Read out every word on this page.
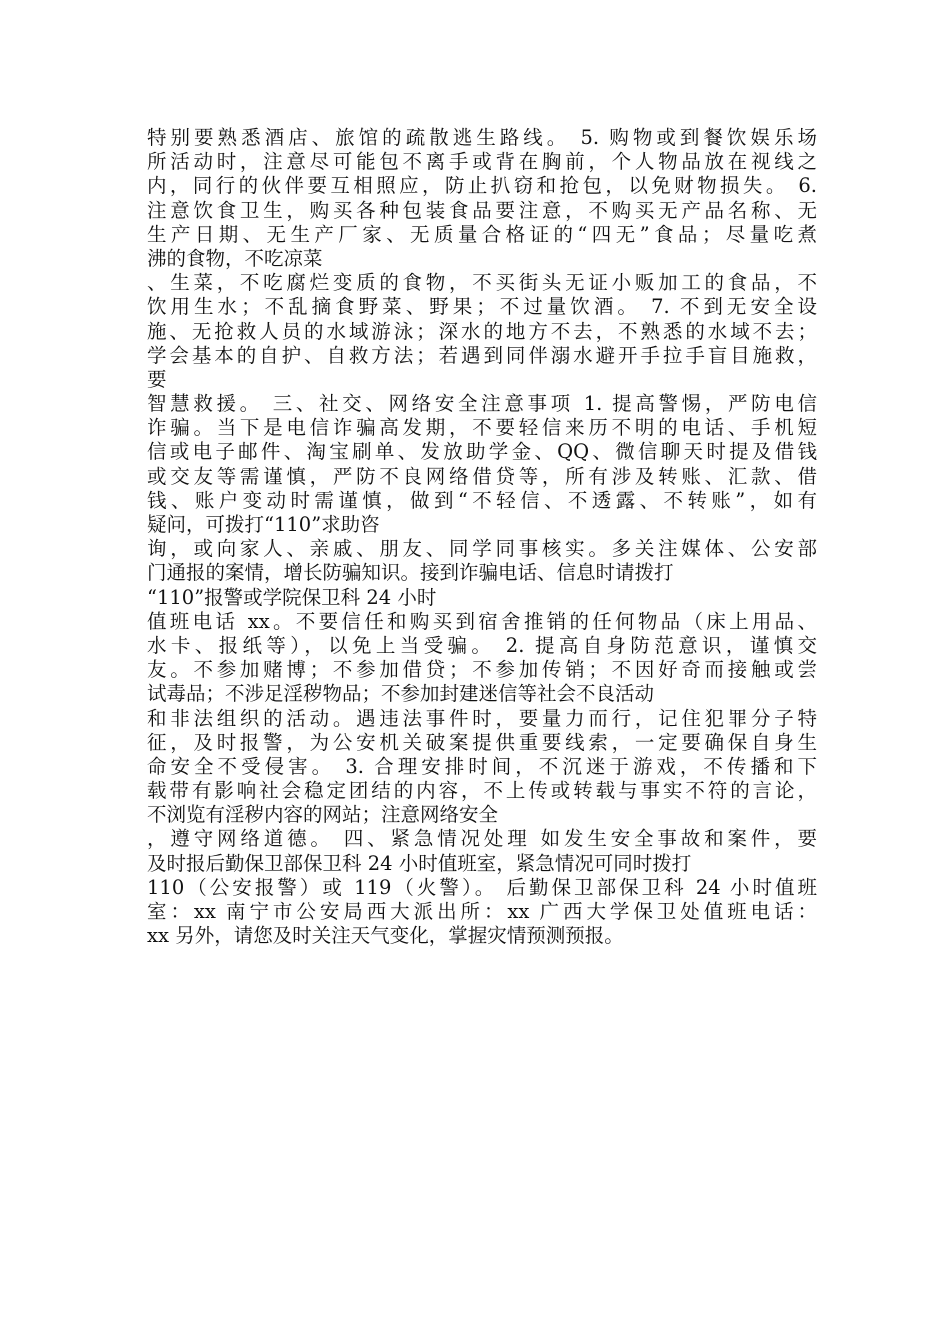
特别要熟悉酒店、旅馆的疏散逃生路线。 5. 购物或到餐饮娱乐场
所活动时，注意尽可能包不离手或背在胸前，个人物品放在视线之
内，同行的伙伴要互相照应，防止扒窃和抢包，以免财物损失。 6.
注意饮食卫生，购买各种包装食品要注意，不购买无产品名称、无
生产日期、无生产厂家、无质量合格证的“四无”食品；尽量吃煮
沸的食物，不吃凉菜
、生菜，不吃腐烂变质的食物，不买街头无证小贩加工的食品，不
饮用生水；不乱摘食野菜、野果；不过量饮酒。 7. 不到无安全设
施、无抢救人员的水域游泳；深水的地方不去，不熟悉的水域不去；
学会基本的自护、自救方法；若遇到同伴溺水避开手拉手盲目施救，
要
智慧救援。 三、社交、网络安全注意事项 1. 提高警惕，严防电信
诈骗。当下是电信诈骗高发期，不要轻信来历不明的电话、手机短
信或电子邮件、淘宝刷单、发放助学金、QQ、微信聊天时提及借钱
或交友等需谨慎，严防不良网络借贷等，所有涉及转账、汇款、借
钱、账户变动时需谨慎，做到“不轻信、不透露、不转账”，如有
疑问，可拨打“110”求助咨
询，或向家人、亲戚、朋友、同学同事核实。多关注媒体、公安部
门通报的案情，增长防骗知识。接到诈骗电话、信息时请拨打
“110”报警或学院保卫科 24 小时
值班电话 xx。不要信任和购买到宿舍推销的任何物品（床上用品、
水卡、报纸等），以免上当受骗。 2. 提高自身防范意识，谨慎交
友。不参加赌博；不参加借贷；不参加传销；不因好奇而接触或尝
试毒品；不涉足淫秽物品；不参加封建迷信等社会不良活动
和非法组织的活动。遇违法事件时，要量力而行，记住犯罪分子特
征，及时报警，为公安机关破案提供重要线索，一定要确保自身生
命安全不受侵害。 3. 合理安排时间，不沉迷于游戏，不传播和下
载带有影响社会稳定团结的内容，不上传或转载与事实不符的言论，
不浏览有淫秽内容的网站；注意网络安全
，遵守网络道德。 四、紧急情况处理 如发生安全事故和案件，要
及时报后勤保卫部保卫科 24 小时值班室，紧急情况可同时拨打
110（公安报警）或 119（火警）。 后勤保卫部保卫科 24 小时值班
室：xx 南宁市公安局西大派出所：xx 广西大学保卫处值班电话：
xx 另外，请您及时关注天气变化，掌握灾情预测预报。
